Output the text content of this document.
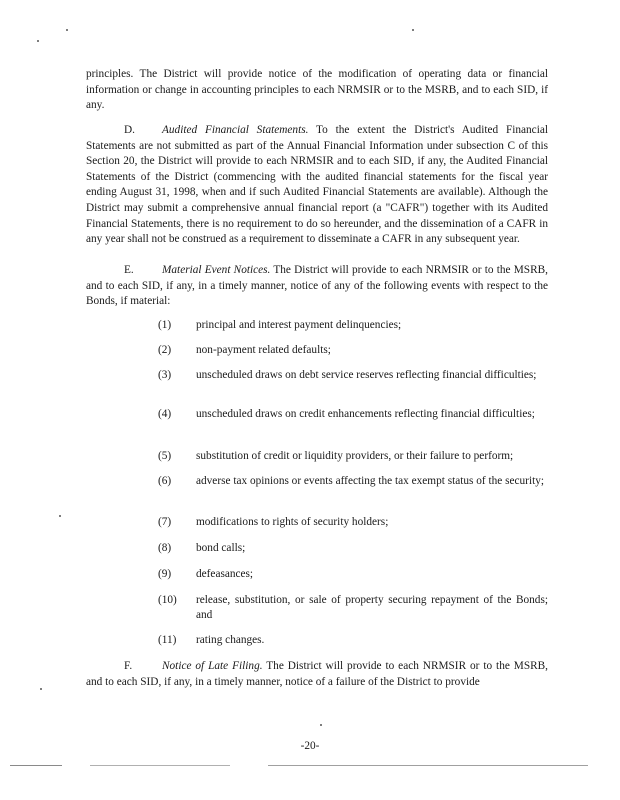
principles. The District will provide notice of the modification of operating data or financial information or change in accounting principles to each NRMSIR or to the MSRB, and to each SID, if any.

D. Audited Financial Statements. To the extent the District's Audited Financial Statements are not submitted as part of the Annual Financial Information under subsection C of this Section 20, the District will provide to each NRMSIR and to each SID, if any, the Audited Financial Statements of the District (commencing with the audited financial statements for the fiscal year ending August 31, 1998, when and if such Audited Financial Statements are available). Although the District may submit a comprehensive annual financial report (a "CAFR") together with its Audited Financial Statements, there is no requirement to do so hereunder, and the dissemination of a CAFR in any year shall not be construed as a requirement to disseminate a CAFR in any subsequent year.

E.	Material Event Notices. The District will provide to each NRMSIR or to the MSRB, and to each SID, if any, in a timely manner, notice of any of the following events with respect to the Bonds, if material:

(1)	principal and interest payment delinquencies;
(2)	non-payment related defaults;
(3)	unscheduled draws on debt service reserves reflecting financial difficulties;
(4)	unscheduled draws on credit enhancements reflecting financial difficulties;
(5)	substitution of credit or liquidity providers, or their failure to perform;
(6)	adverse tax opinions or events affecting the tax exempt status of the security;
(7)	modifications to rights of security holders;
(8)	bond calls;
(9)	defeasances;
(10)	release, substitution, or sale of property securing repayment of the Bonds; and
(11)	rating changes.

F.	Notice of Late Filing. The District will provide to each NRMSIR or to the MSRB, and to each SID, if any, in a timely manner, notice of a failure of the District to provide

-20-
